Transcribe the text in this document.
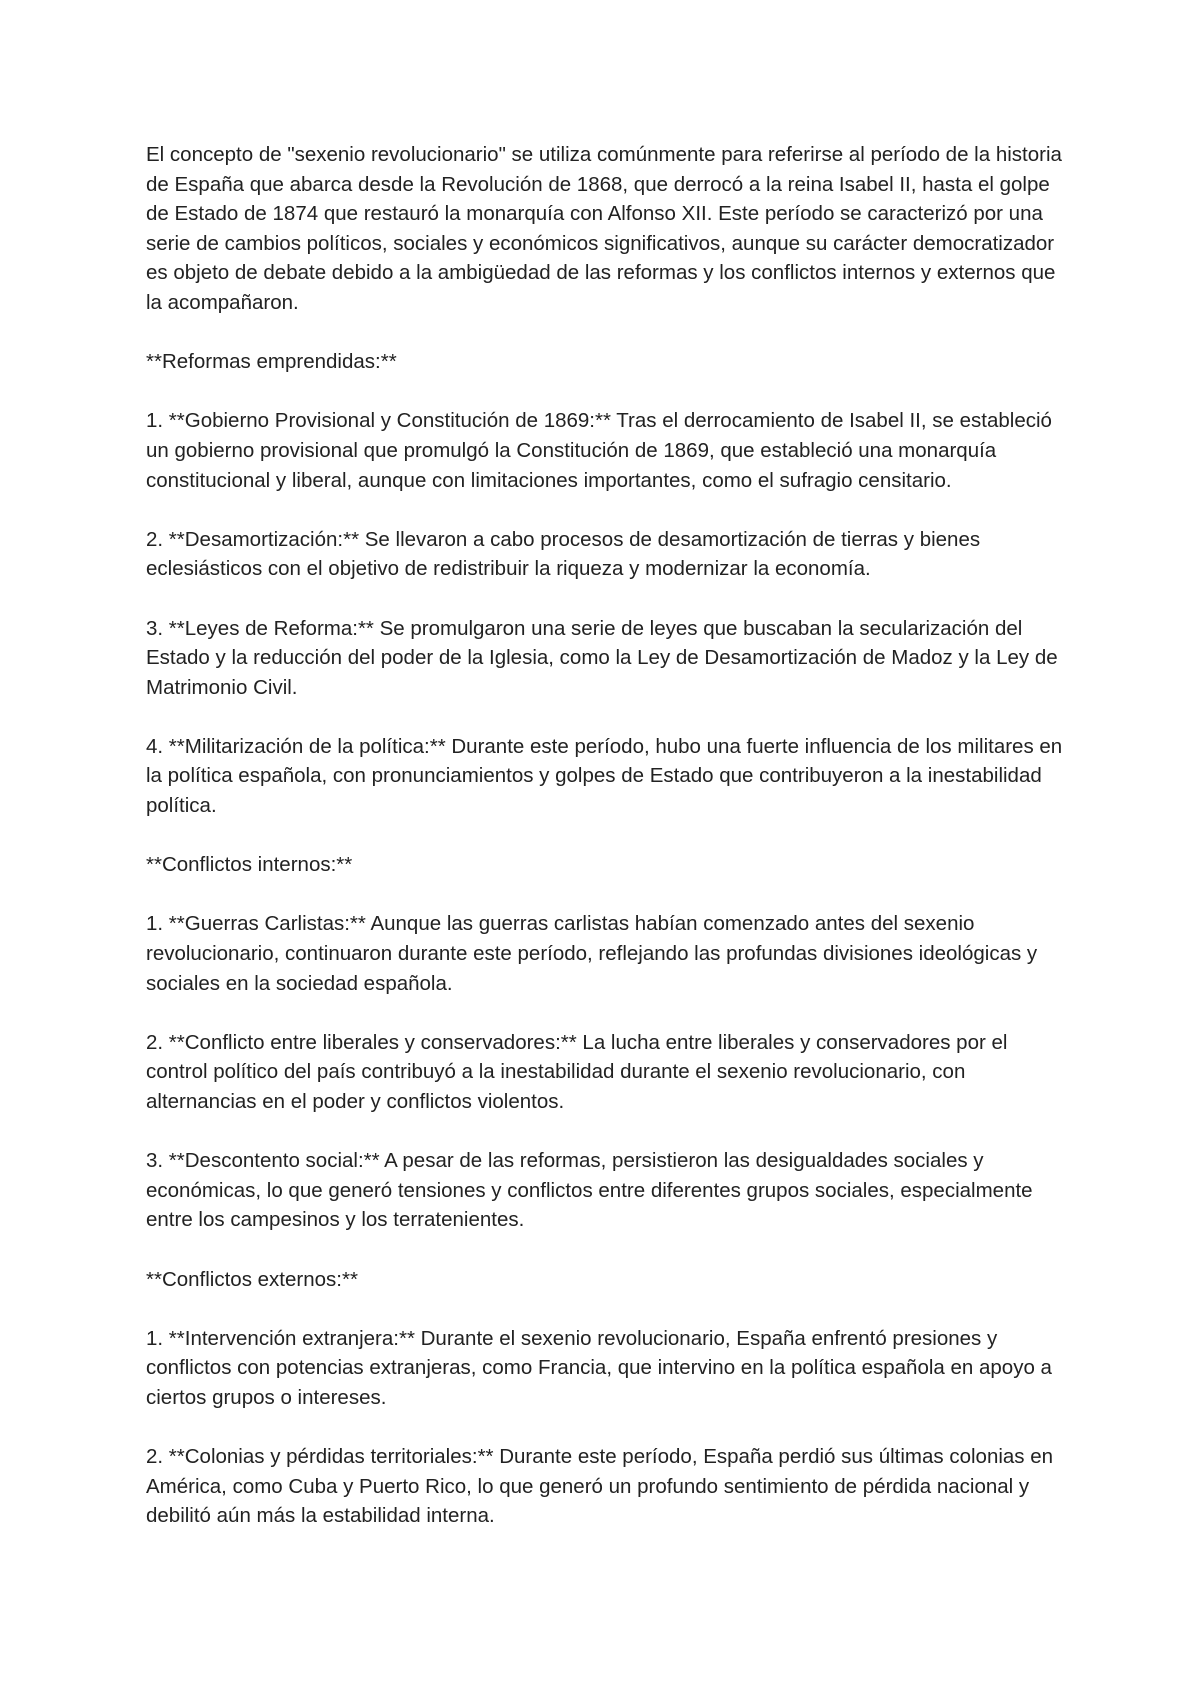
El concepto de "sexenio revolucionario" se utiliza comúnmente para referirse al período de la historia de España que abarca desde la Revolución de 1868, que derrocó a la reina Isabel II, hasta el golpe de Estado de 1874 que restauró la monarquía con Alfonso XII. Este período se caracterizó por una serie de cambios políticos, sociales y económicos significativos, aunque su carácter democratizador es objeto de debate debido a la ambigüedad de las reformas y los conflictos internos y externos que la acompañaron.

**Reformas emprendidas:**

1. **Gobierno Provisional y Constitución de 1869:** Tras el derrocamiento de Isabel II, se estableció un gobierno provisional que promulgó la Constitución de 1869, que estableció una monarquía constitucional y liberal, aunque con limitaciones importantes, como el sufragio censitario.

2. **Desamortización:** Se llevaron a cabo procesos de desamortización de tierras y bienes eclesiásticos con el objetivo de redistribuir la riqueza y modernizar la economía.

3. **Leyes de Reforma:** Se promulgaron una serie de leyes que buscaban la secularización del Estado y la reducción del poder de la Iglesia, como la Ley de Desamortización de Madoz y la Ley de Matrimonio Civil.

4. **Militarización de la política:** Durante este período, hubo una fuerte influencia de los militares en la política española, con pronunciamientos y golpes de Estado que contribuyeron a la inestabilidad política.

**Conflictos internos:**

1. **Guerras Carlistas:** Aunque las guerras carlistas habían comenzado antes del sexenio revolucionario, continuaron durante este período, reflejando las profundas divisiones ideológicas y sociales en la sociedad española.

2. **Conflicto entre liberales y conservadores:** La lucha entre liberales y conservadores por el control político del país contribuyó a la inestabilidad durante el sexenio revolucionario, con alternancias en el poder y conflictos violentos.

3. **Descontento social:** A pesar de las reformas, persistieron las desigualdades sociales y económicas, lo que generó tensiones y conflictos entre diferentes grupos sociales, especialmente entre los campesinos y los terratenientes.

**Conflictos externos:**

1. **Intervención extranjera:** Durante el sexenio revolucionario, España enfrentó presiones y conflictos con potencias extranjeras, como Francia, que intervino en la política española en apoyo a ciertos grupos o intereses.

2. **Colonias y pérdidas territoriales:** Durante este período, España perdió sus últimas colonias en América, como Cuba y Puerto Rico, lo que generó un profundo sentimiento de pérdida nacional y debilitó aún más la estabilidad interna.
